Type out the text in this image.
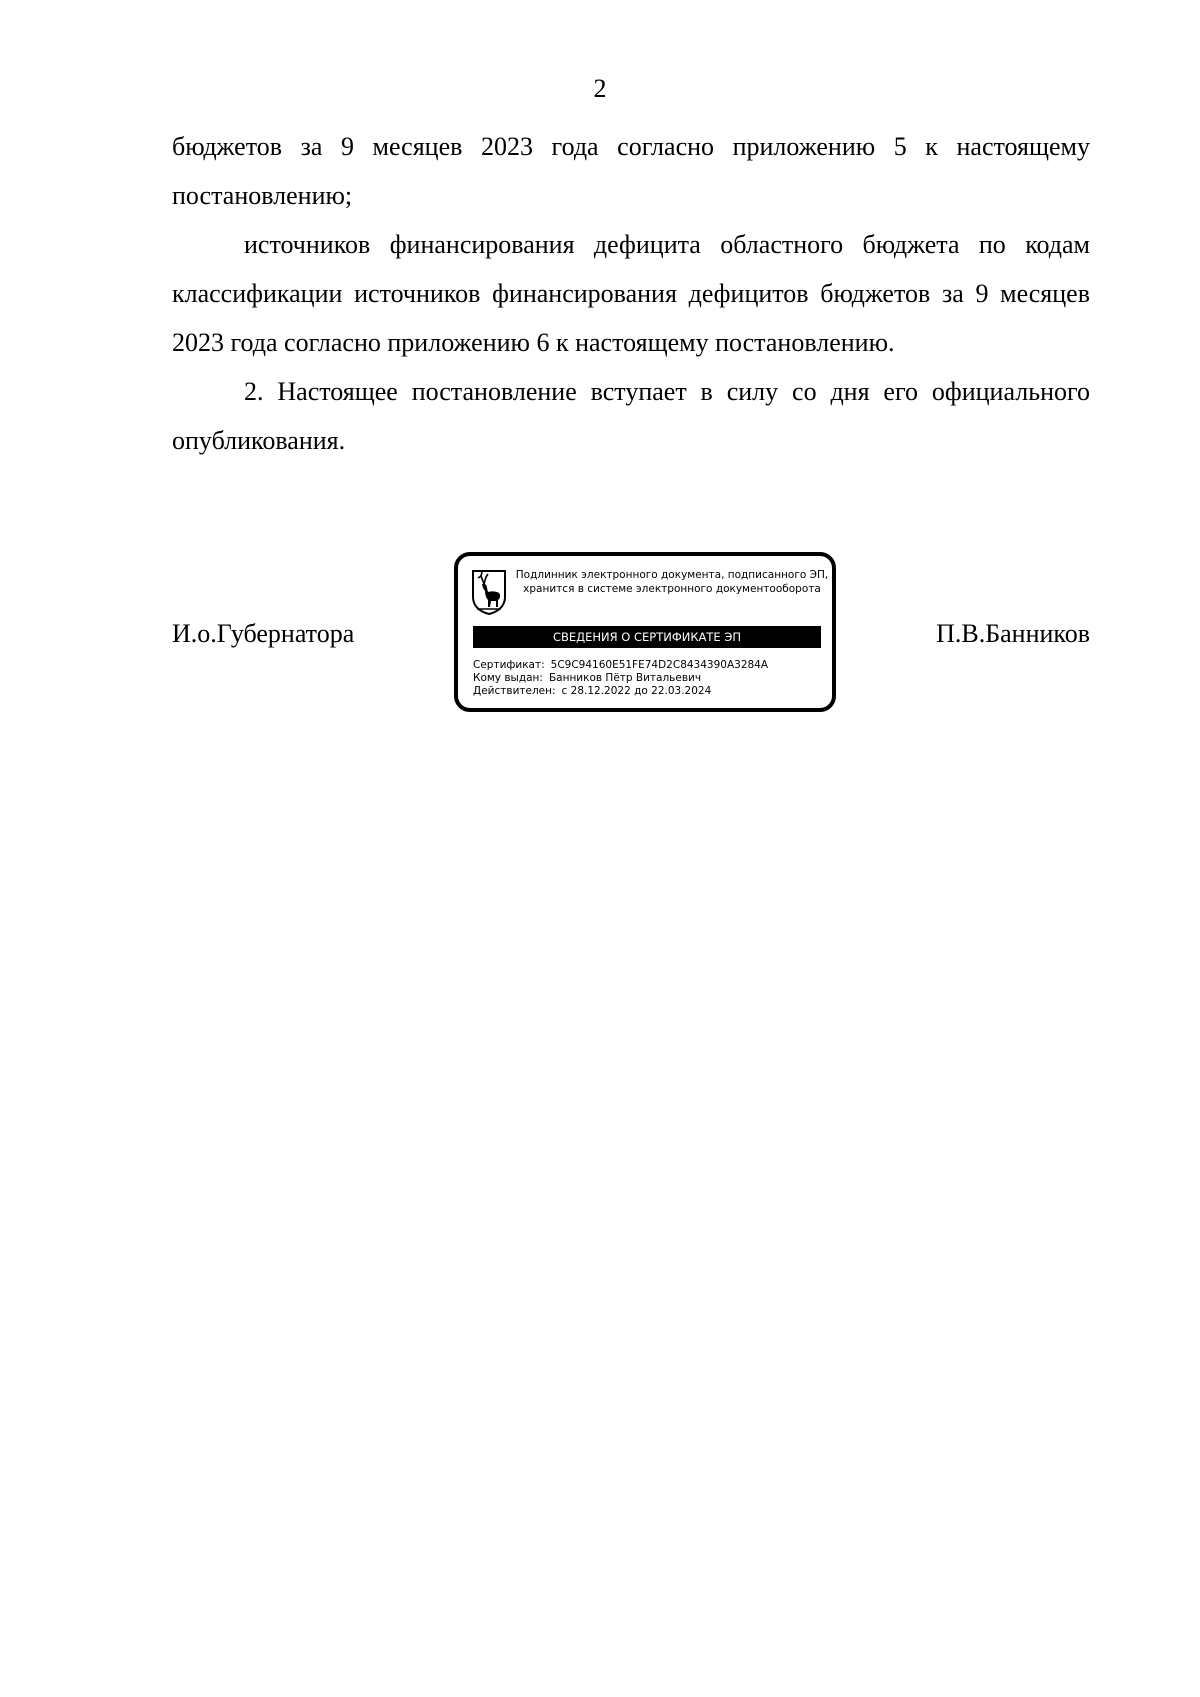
2

бюджетов за 9 месяцев 2023 года согласно приложению 5 к настоящему постановлению;

источников финансирования дефицита областного бюджета по кодам классификации источников финансирования дефицитов бюджетов за 9 месяцев 2023 года согласно приложению 6 к настоящему постановлению.

2. Настоящее постановление вступает в силу со дня его официального опубликования.

И.о.Губернатора
Подлинник электронного документа, подписанного ЭП,
хранится в системе электронного документооборота
СВЕДЕНИЯ О СЕРТИФИКАТЕ ЭП
Сертификат: 5C9C94160E51FE74D2C8434390A3284A
Кому выдан: Банников Пётр Витальевич
Действителен: с 28.12.2022 до 22.03.2024
П.В.Банников
